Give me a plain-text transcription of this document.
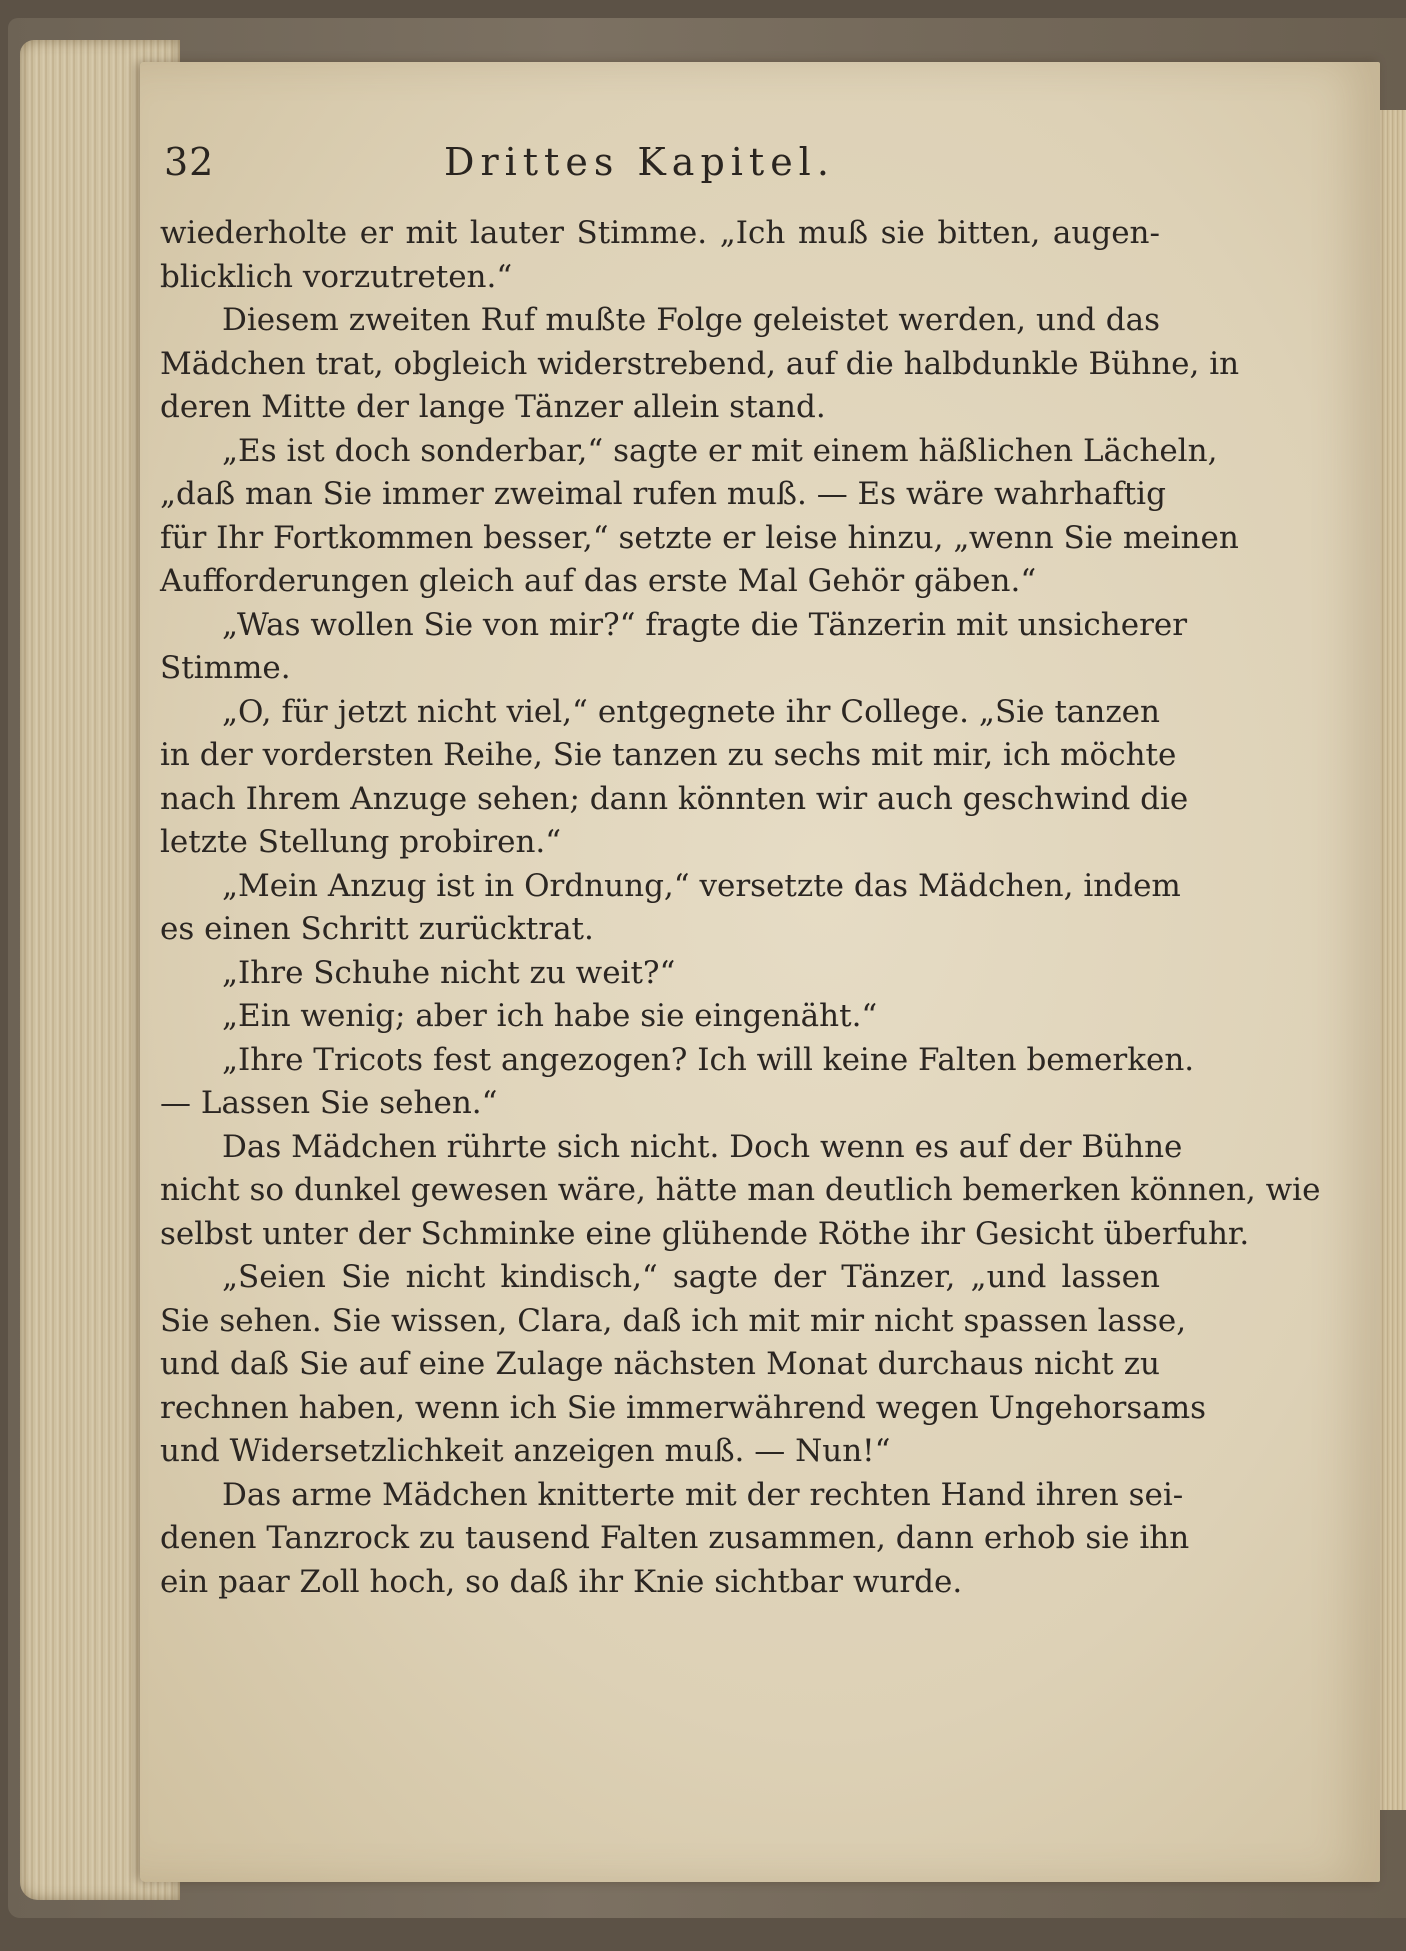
32	Drittes Kapitel.
wiederholte er mit lauter Stimme. „Ich muß sie bitten, augen-
blicklich vorzutreten.“
Diesem zweiten Ruf mußte Folge geleistet werden, und das
Mädchen trat, obgleich widerstrebend, auf die halbdunkle Bühne, in
deren Mitte der lange Tänzer allein stand.
„Es ist doch sonderbar,“ sagte er mit einem häßlichen Lächeln,
„daß man Sie immer zweimal rufen muß. — Es wäre wahrhaftig
für Ihr Fortkommen besser,“ setzte er leise hinzu, „wenn Sie meinen
Aufforderungen gleich auf das erste Mal Gehör gäben.“
„Was wollen Sie von mir?“ fragte die Tänzerin mit unsicherer
Stimme.
„O, für jetzt nicht viel,“ entgegnete ihr College. „Sie tanzen
in der vordersten Reihe, Sie tanzen zu sechs mit mir, ich möchte
nach Ihrem Anzuge sehen; dann könnten wir auch geschwind die
letzte Stellung probiren.“
„Mein Anzug ist in Ordnung,“ versetzte das Mädchen, indem
es einen Schritt zurücktrat.
„Ihre Schuhe nicht zu weit?“
„Ein wenig; aber ich habe sie eingenäht.“
„Ihre Tricots fest angezogen? Ich will keine Falten bemerken.
— Lassen Sie sehen.“
Das Mädchen rührte sich nicht. Doch wenn es auf der Bühne
nicht so dunkel gewesen wäre, hätte man deutlich bemerken können, wie
selbst unter der Schminke eine glühende Röthe ihr Gesicht überfuhr.
„Seien Sie nicht kindisch,“ sagte der Tänzer, „und lassen
Sie sehen. Sie wissen, Clara, daß ich mit mir nicht spassen lasse,
und daß Sie auf eine Zulage nächsten Monat durchaus nicht zu
rechnen haben, wenn ich Sie immerwährend wegen Ungehorsams
und Widersetzlichkeit anzeigen muß. — Nun!“
Das arme Mädchen knitterte mit der rechten Hand ihren sei-
denen Tanzrock zu tausend Falten zusammen, dann erhob sie ihn
ein paar Zoll hoch, so daß ihr Knie sichtbar wurde.
